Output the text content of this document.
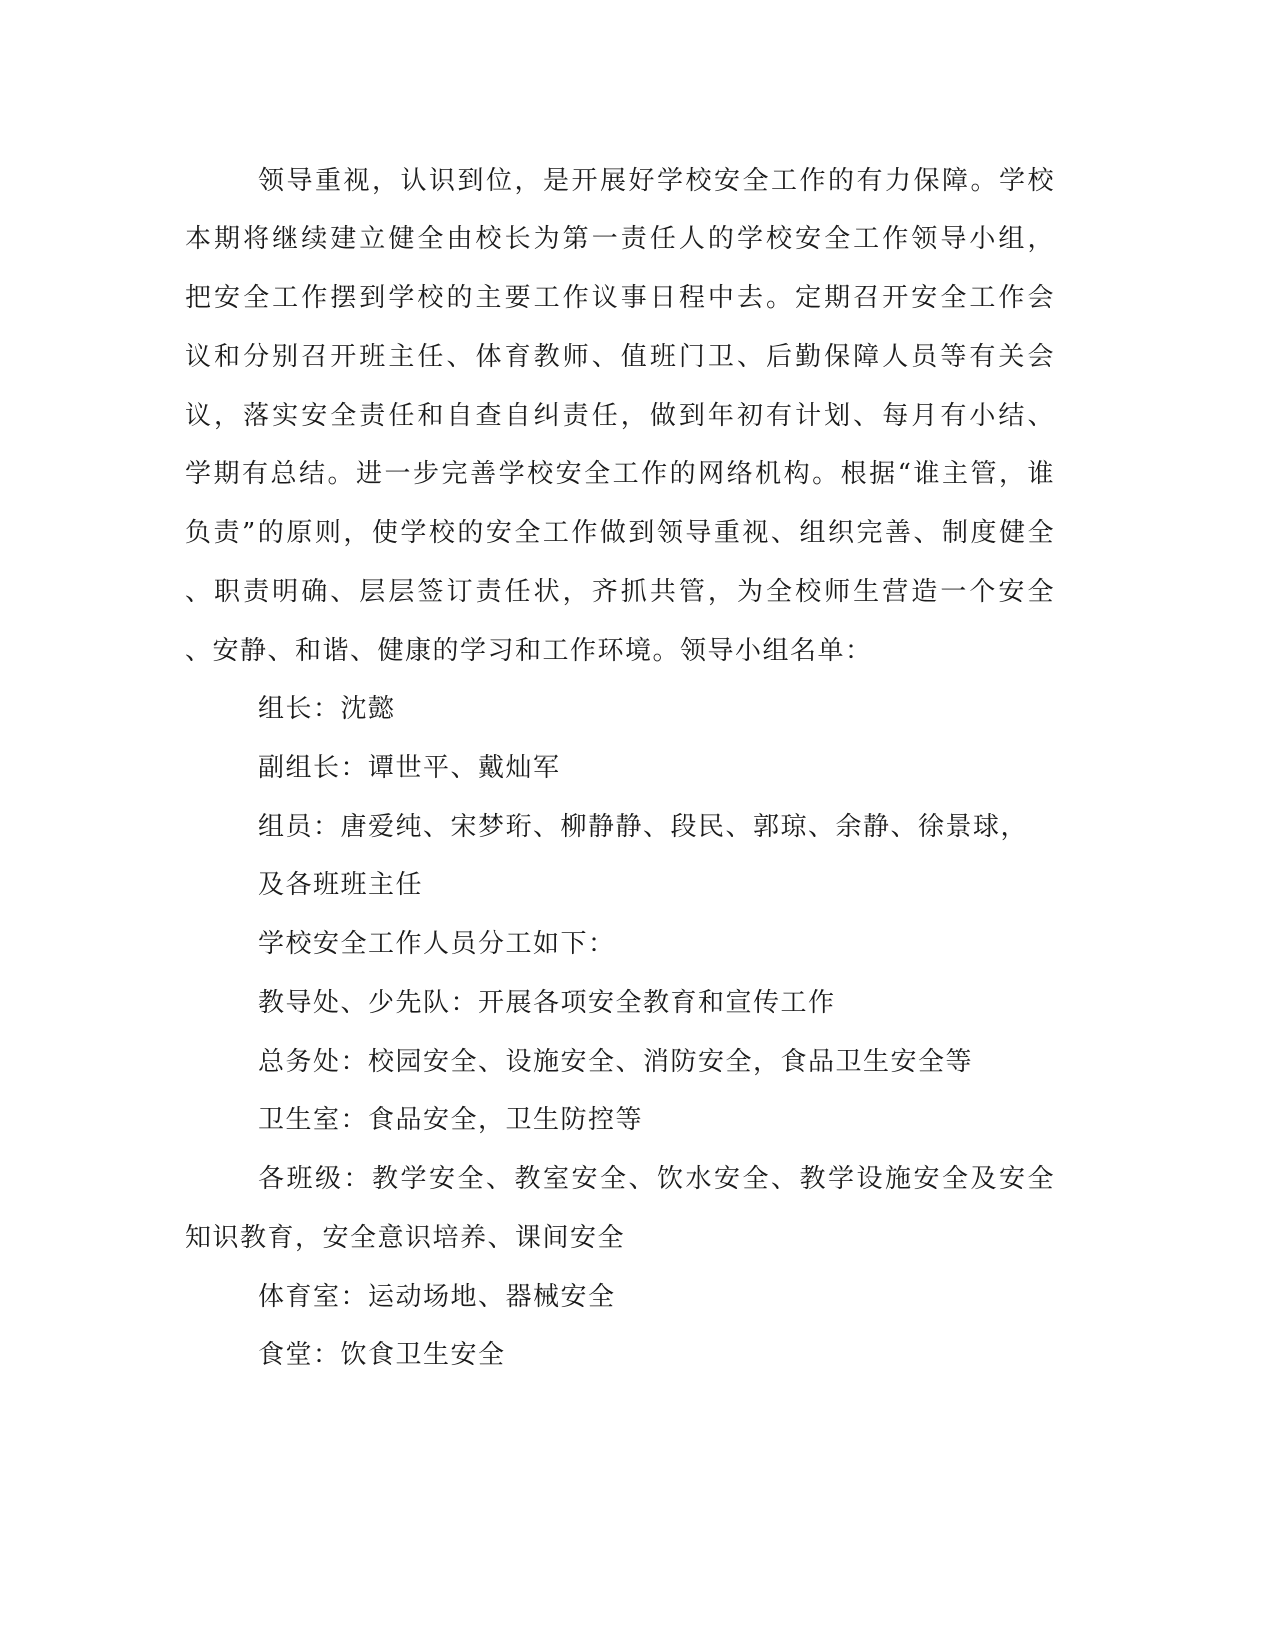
领导重视，认识到位，是开展好学校安全工作的有力保障。学校
本期将继续建立健全由校长为第一责任人的学校安全工作领导小组，
把安全工作摆到学校的主要工作议事日程中去。定期召开安全工作会
议和分别召开班主任、体育教师、值班门卫、后勤保障人员等有关会
议，落实安全责任和自查自纠责任，做到年初有计划、每月有小结、
学期有总结。进一步完善学校安全工作的网络机构。根据“谁主管，谁
负责”的原则，使学校的安全工作做到领导重视、组织完善、制度健全
、职责明确、层层签订责任状，齐抓共管，为全校师生营造一个安全
、安静、和谐、健康的学习和工作环境。领导小组名单：
组长：沈懿
副组长：谭世平、戴灿军
组员：唐爱纯、宋梦珩、柳静静、段民、郭琼、余静、徐景球，
及各班班主任
学校安全工作人员分工如下：
教导处、少先队：开展各项安全教育和宣传工作
总务处：校园安全、设施安全、消防安全，食品卫生安全等
卫生室：食品安全，卫生防控等
各班级：教学安全、教室安全、饮水安全、教学设施安全及安全
知识教育，安全意识培养、课间安全
体育室：运动场地、器械安全
食堂：饮食卫生安全
